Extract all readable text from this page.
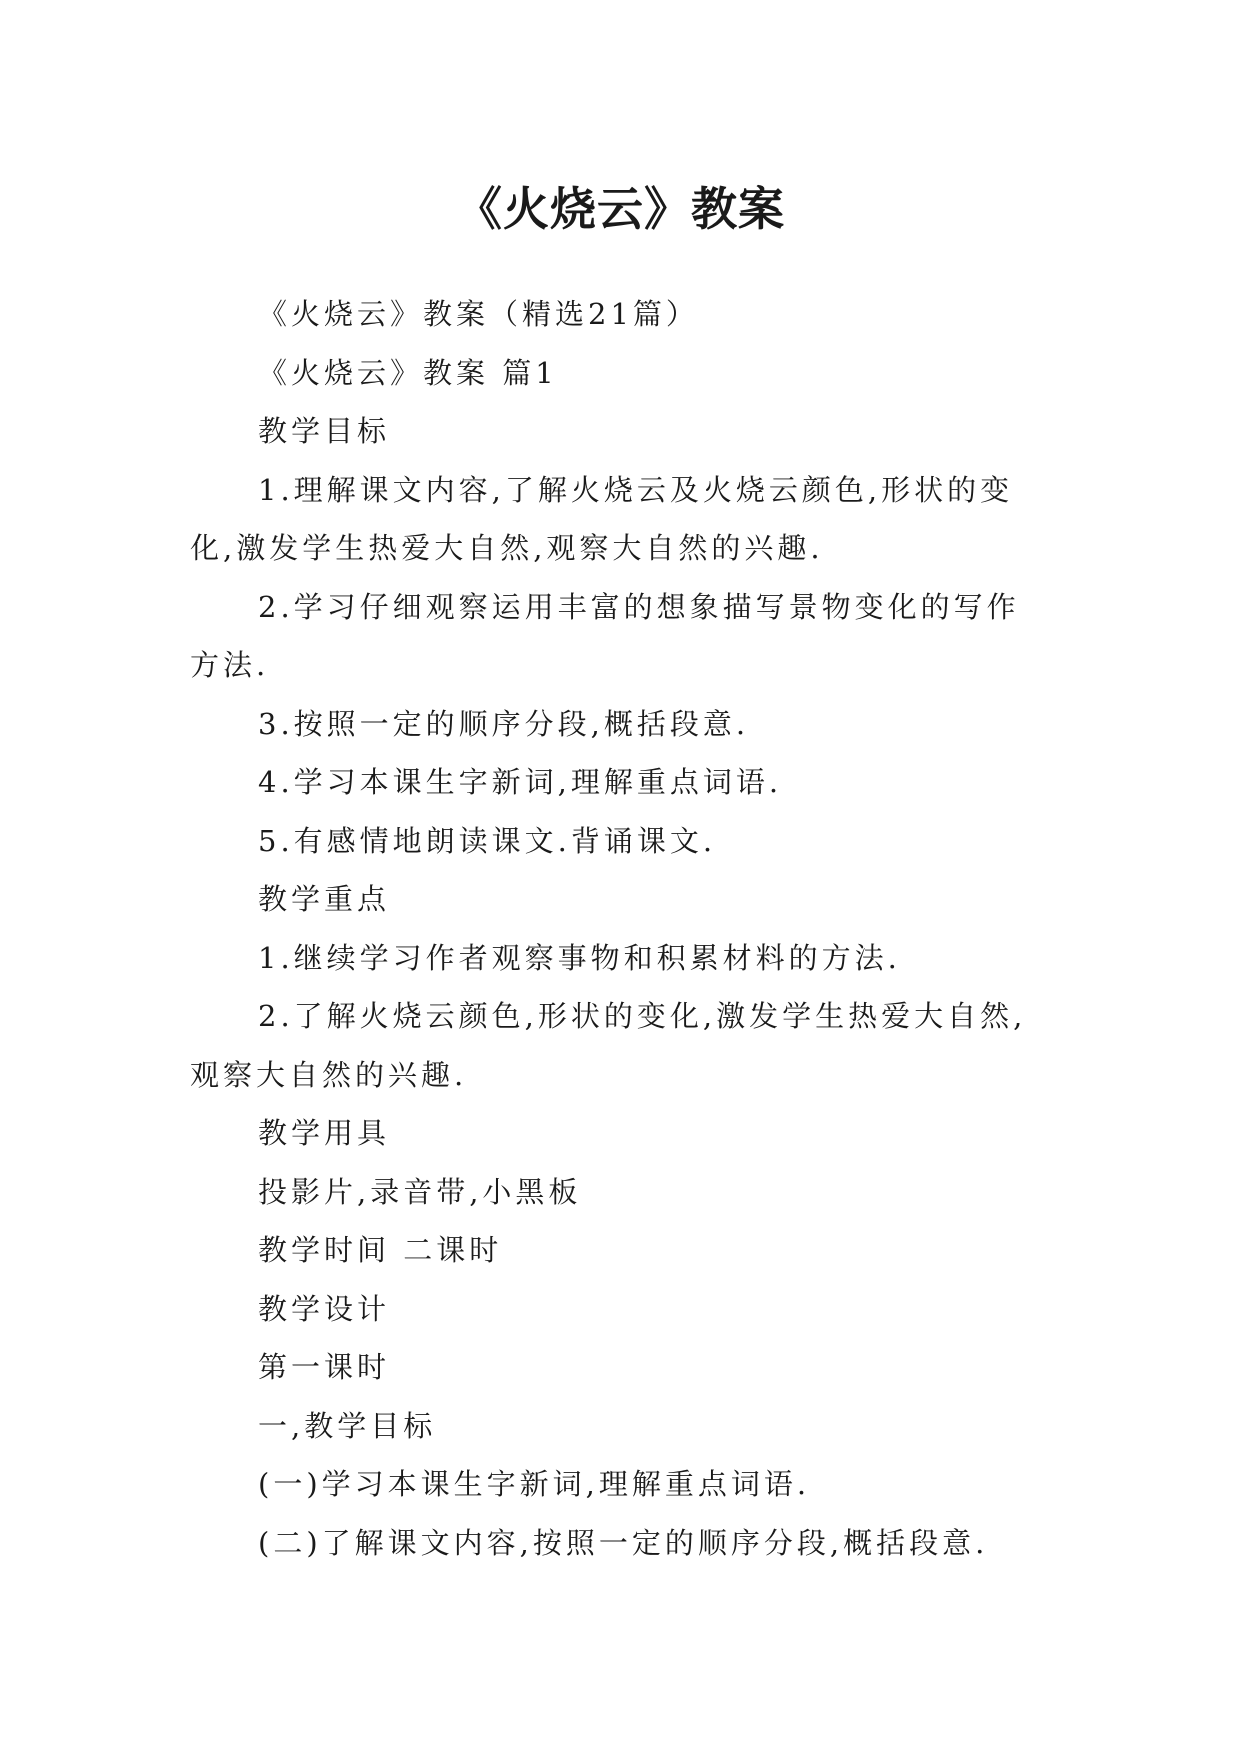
《火烧云》教案

《火烧云》教案（精选21篇）

《火烧云》教案 篇1

教学目标

1.理解课文内容,了解火烧云及火烧云颜色,形状的变化,激发学生热爱大自然,观察大自然的兴趣.

2.学习仔细观察运用丰富的想象描写景物变化的写作方法.

3.按照一定的顺序分段,概括段意.

4.学习本课生字新词,理解重点词语.

5.有感情地朗读课文.背诵课文.

教学重点

1.继续学习作者观察事物和积累材料的方法.

2.了解火烧云颜色,形状的变化,激发学生热爱大自然,观察大自然的兴趣.

教学用具

投影片,录音带,小黑板

教学时间 二课时

教学设计

第一课时

一,教学目标

(一)学习本课生字新词,理解重点词语.

(二)了解课文内容,按照一定的顺序分段,概括段意.
